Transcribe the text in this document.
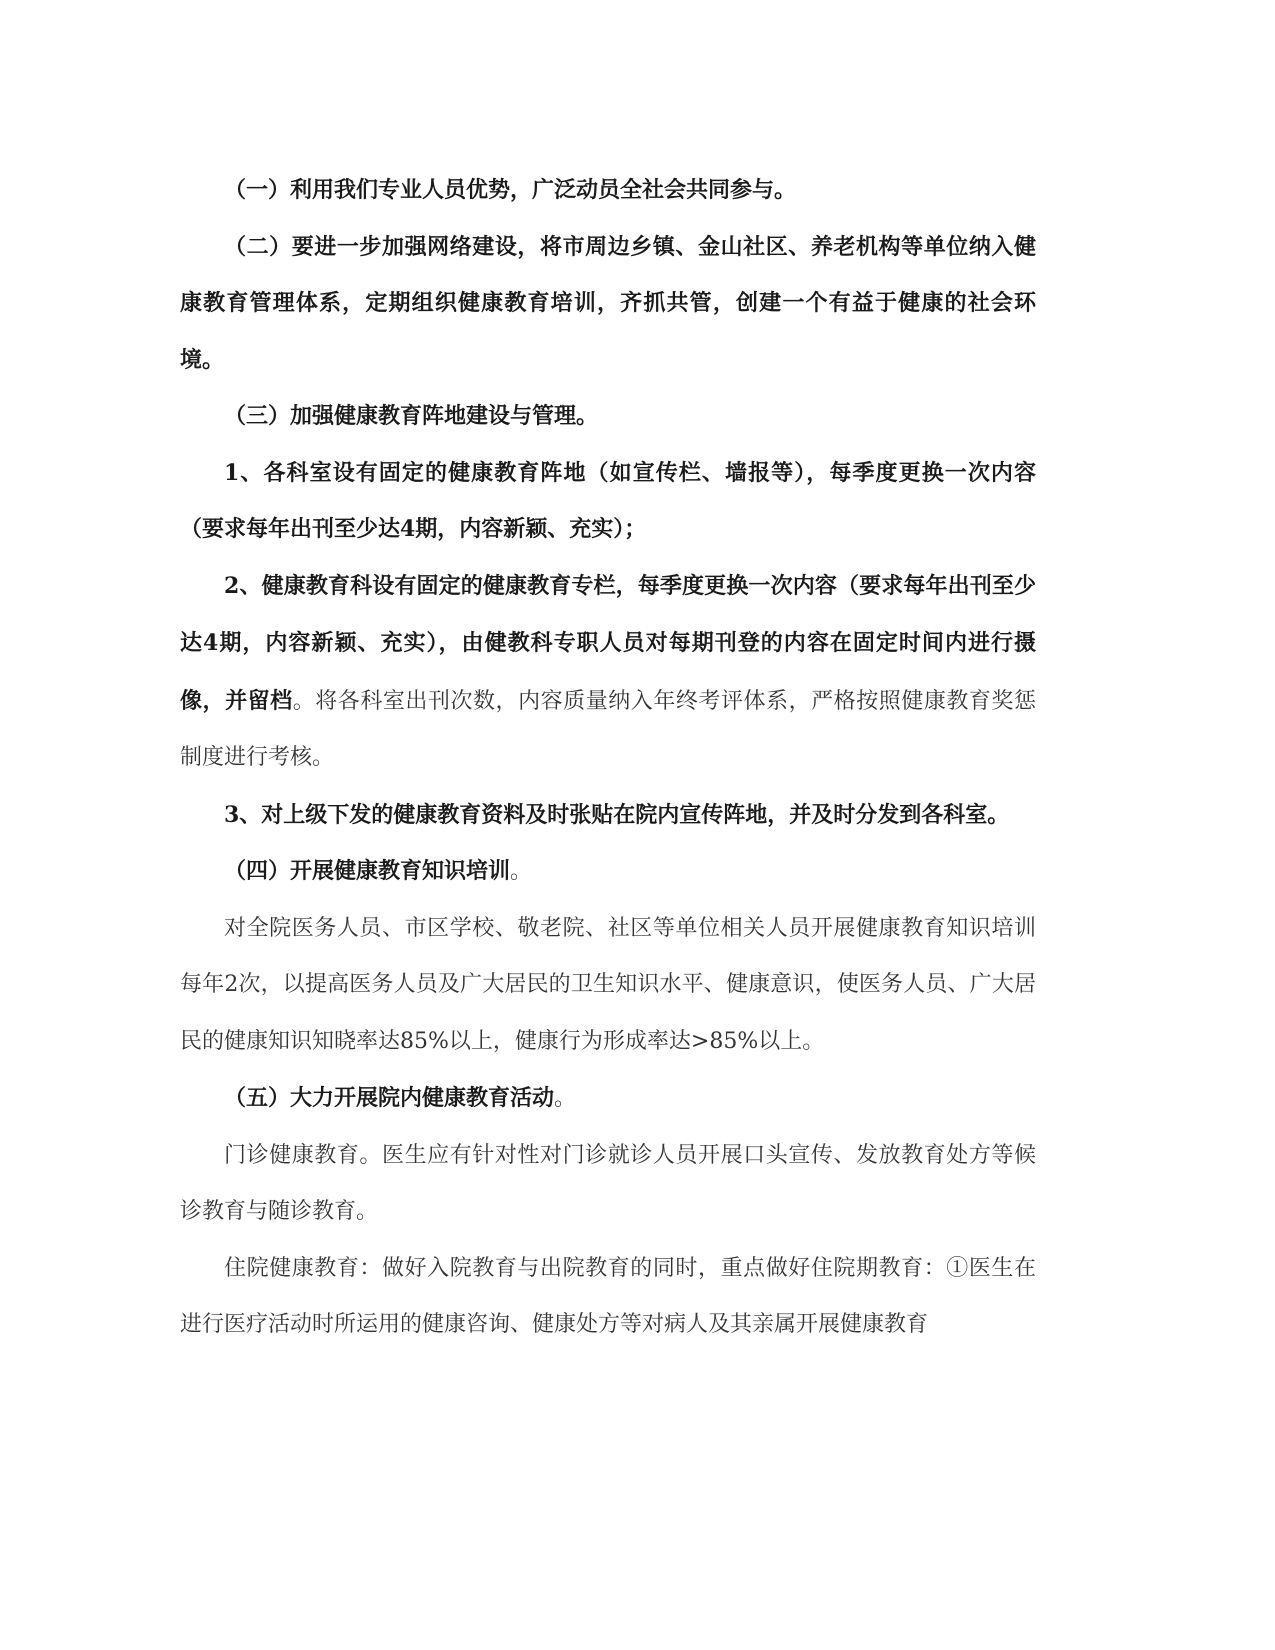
（一）利用我们专业人员优势，广泛动员全社会共同参与。

（二）要进一步加强网络建设，将市周边乡镇、金山社区、养老机构等单位纳入健康教育管理体系，定期组织健康教育培训，齐抓共管，创建一个有益于健康的社会环境。

（三）加强健康教育阵地建设与管理。

1、各科室设有固定的健康教育阵地（如宣传栏、墙报等），每季度更换一次内容（要求每年出刊至少达4期，内容新颖、充实）；

2、健康教育科设有固定的健康教育专栏，每季度更换一次内容（要求每年出刊至少达4期，内容新颖、充实），由健教科专职人员对每期刊登的内容在固定时间内进行摄像，并留档。将各科室出刊次数，内容质量纳入年终考评体系，严格按照健康教育奖惩制度进行考核。

3、对上级下发的健康教育资料及时张贴在院内宣传阵地，并及时分发到各科室。

（四）开展健康教育知识培训。

对全院医务人员、市区学校、敬老院、社区等单位相关人员开展健康教育知识培训每年2次，以提高医务人员及广大居民的卫生知识水平、健康意识，使医务人员、广大居民的健康知识知晓率达85%以上，健康行为形成率达>85%以上。

（五）大力开展院内健康教育活动。

门诊健康教育。医生应有针对性对门诊就诊人员开展口头宣传、发放教育处方等候诊教育与随诊教育。

住院健康教育：做好入院教育与出院教育的同时，重点做好住院期教育：①医生在进行医疗活动时所运用的健康咨询、健康处方等对病人及其亲属开展健康教育
